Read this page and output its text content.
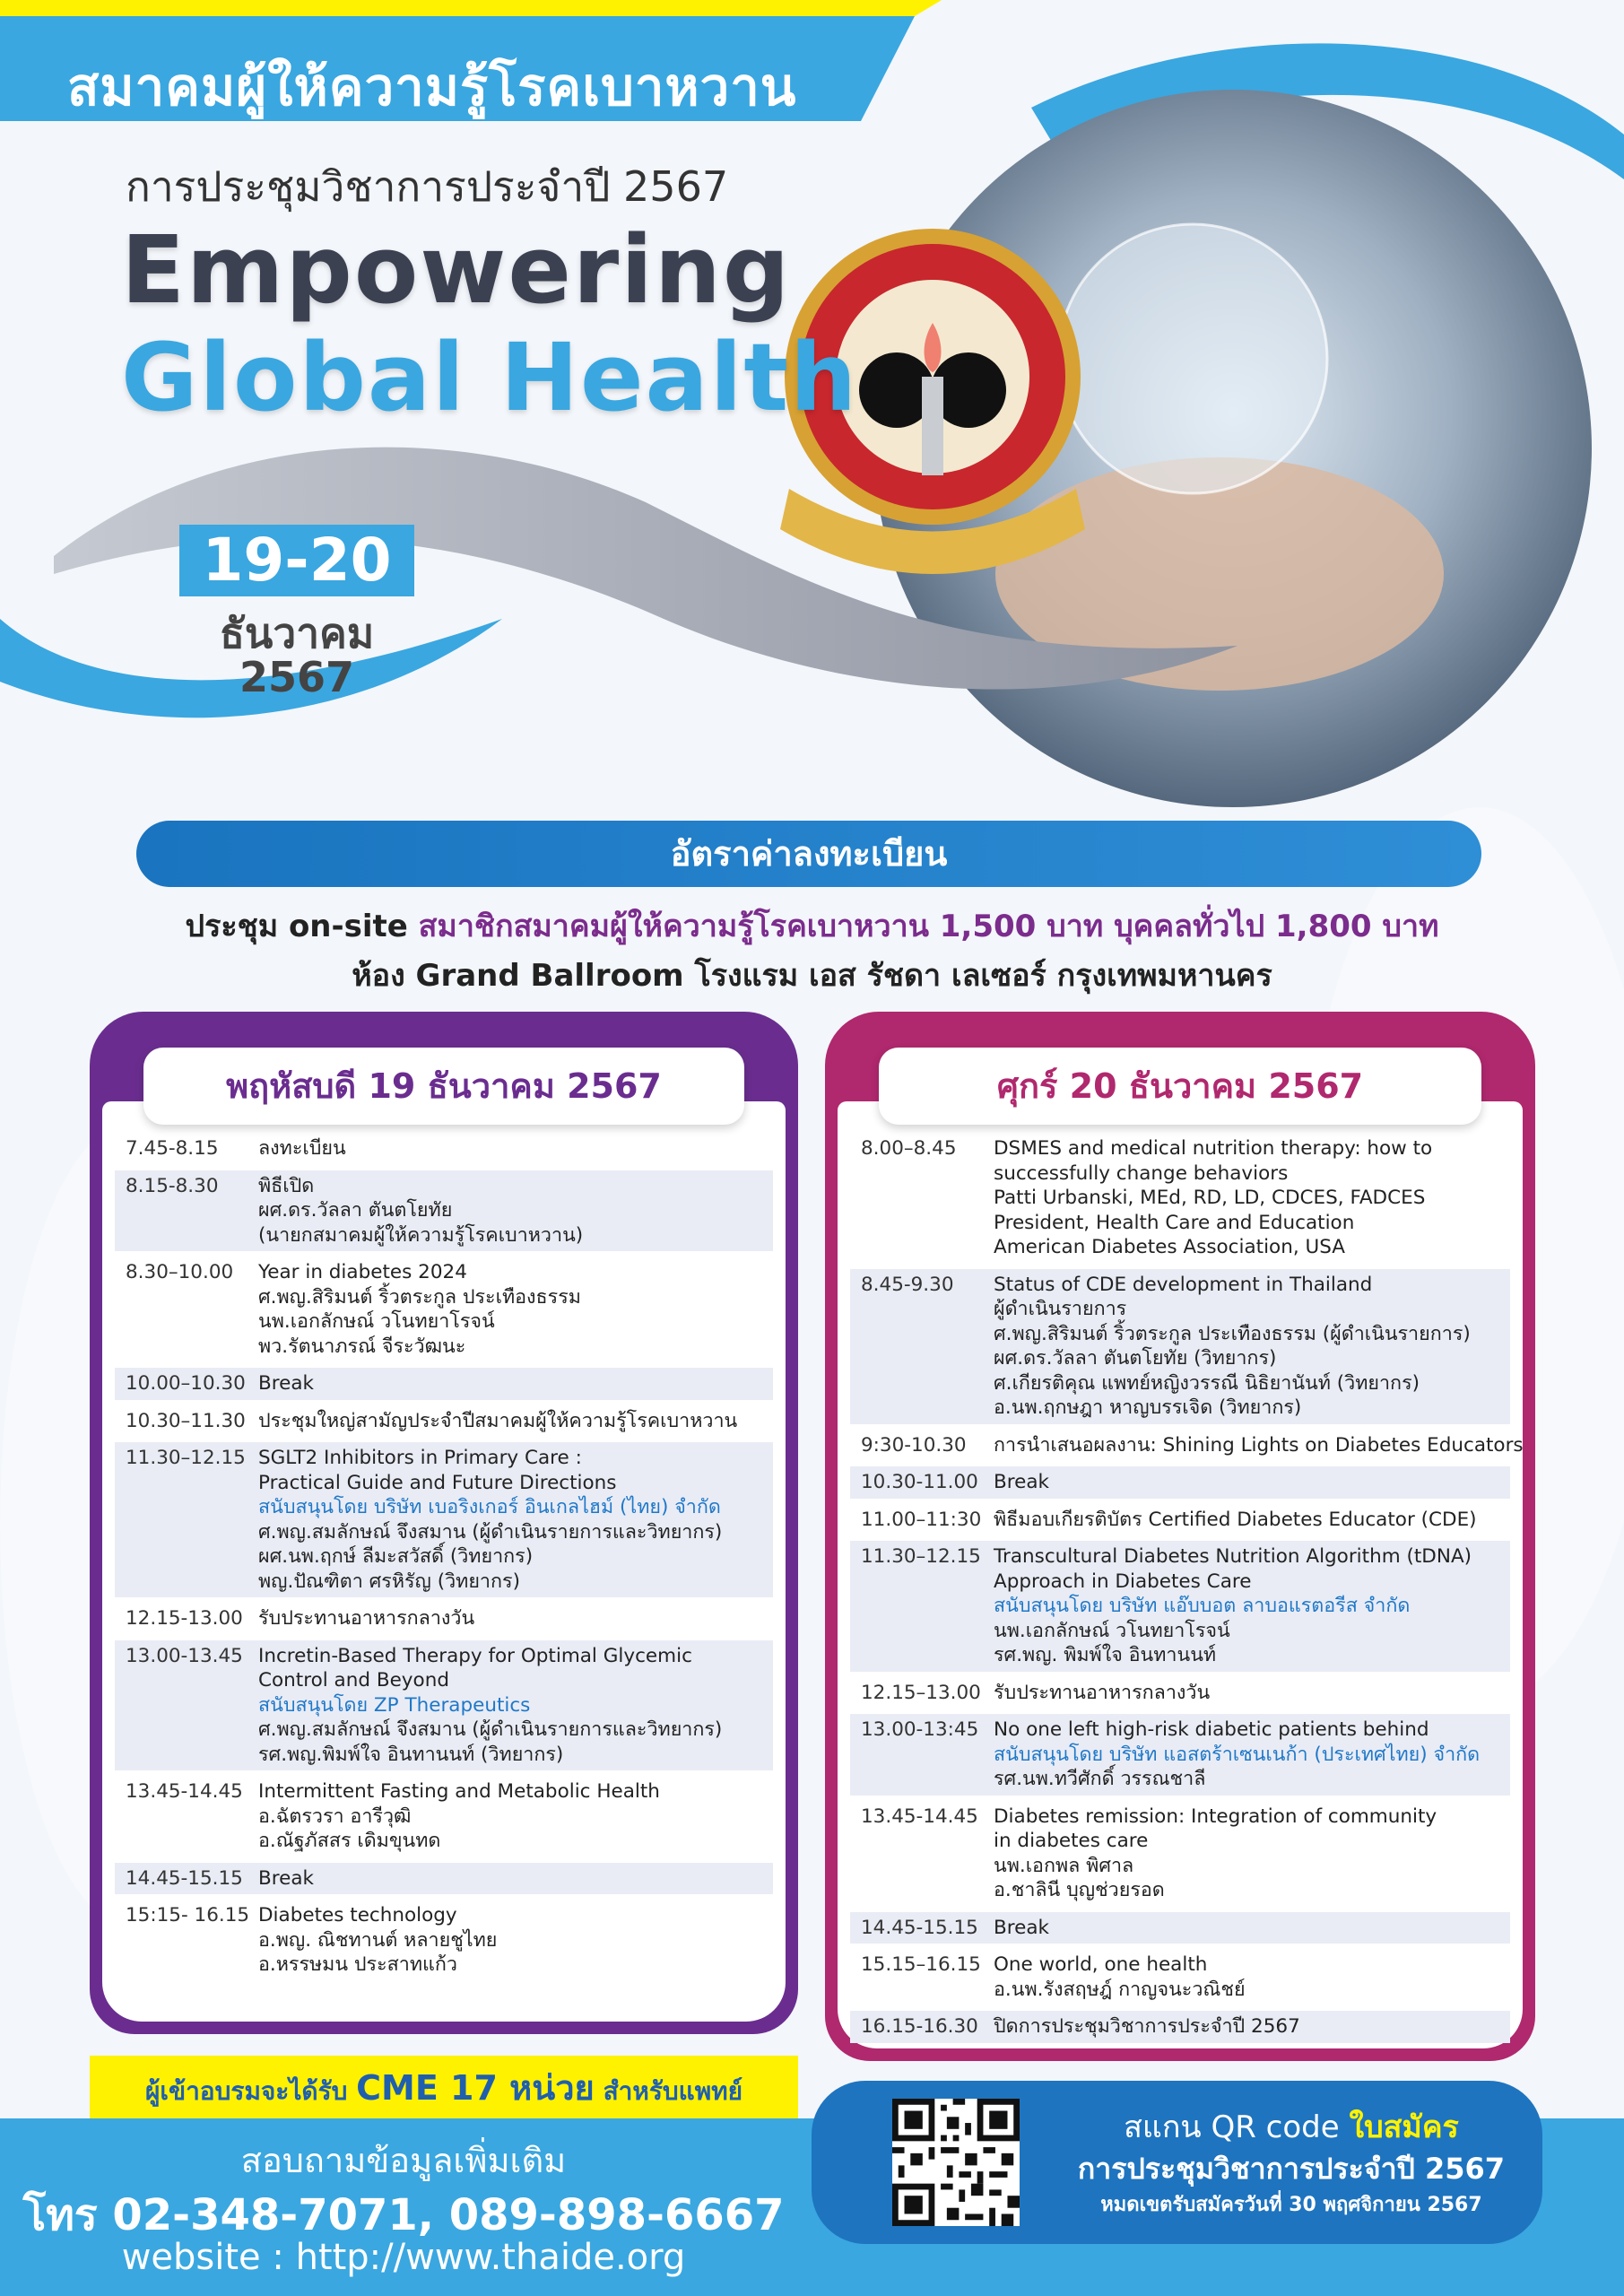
สมาคมผู้ให้ความรู้โรคเบาหวาน
การประชุมวิชาการประจำปี 2567
Empowering
Global Health
19-20
ธันวาคม
2567
อัตราค่าลงทะเบียน
ประชุม on-site สมาชิกสมาคมผู้ให้ความรู้โรคเบาหวาน 1,500 บาท บุคคลทั่วไป 1,800 บาท
ห้อง Grand Ballroom โรงแรม เอส รัชดา เลเซอร์ กรุงเทพมหานคร
พฤหัสบดี 19 ธันวาคม 2567
7.45-8.15	ลงทะเบียน
8.15-8.30	พิธีเปิด
ผศ.ดร.วัลลา ตันตโยทัย
(นายกสมาคมผู้ให้ความรู้โรคเบาหวาน)
8.30–10.00	Year in diabetes 2024
ศ.พญ.สิริมนต์ ริ้วตระกูล ประเทืองธรรม
นพ.เอกลักษณ์ วโนทยาโรจน์
พว.รัตนาภรณ์ จีระวัฒนะ
10.00–10.30 Break
10.30–11.30 ประชุมใหญ่สามัญประจำปีสมาคมผู้ให้ความรู้โรคเบาหวาน
11.30–12.15 SGLT2 Inhibitors in Primary Care :
Practical Guide and Future Directions
สนับสนุนโดย บริษัท เบอริงเกอร์ อินเกลไฮม์ (ไทย) จำกัด
ศ.พญ.สมลักษณ์ จึงสมาน (ผู้ดำเนินรายการและวิทยากร)
ผศ.นพ.ฤกษ์ ลีมะสวัสดิ์ (วิทยากร)
พญ.ปัณฑิตา ศรหิรัญ (วิทยากร)
12.15-13.00 รับประทานอาหารกลางวัน
13.00-13.45 Incretin-Based Therapy for Optimal Glycemic
Control and Beyond
สนับสนุนโดย ZP Therapeutics
ศ.พญ.สมลักษณ์ จึงสมาน (ผู้ดำเนินรายการและวิทยากร)
รศ.พญ.พิมพ์ใจ อินทานนท์ (วิทยากร)
13.45-14.45 Intermittent Fasting and Metabolic Health
อ.ฉัตรวรา อารีวุฒิ
อ.ณัฐภัสสร เดิมขุนทด
14.45-15.15 Break
15:15- 16.15 Diabetes technology
อ.พญ. ณิชทานต์ หลายชูไทย
อ.หรรษมน ประสาทแก้ว
ศุกร์ 20 ธันวาคม 2567
8.00–8.45	DSMES and medical nutrition therapy: how to
successfully change behaviors
Patti Urbanski, MEd, RD, LD, CDCES, FADCES
President, Health Care and Education
American Diabetes Association, USA
8.45-9.30	Status of CDE development in Thailand
ผู้ดำเนินรายการ
ศ.พญ.สิริมนต์ ริ้วตระกูล ประเทืองธรรม (ผู้ดำเนินรายการ)
ผศ.ดร.วัลลา ตันตโยทัย (วิทยากร)
ศ.เกียรติคุณ แพทย์หญิงวรรณี นิธิยานันท์ (วิทยากร)
อ.นพ.ฤกษฎา หาญบรรเจิด (วิทยากร)
9:30-10.30	การนำเสนอผลงาน: Shining Lights on Diabetes Educators
10.30-11.00 Break
11.00–11:30 พิธีมอบเกียรติบัตร Certified Diabetes Educator (CDE)
11.30–12.15 Transcultural Diabetes Nutrition Algorithm (tDNA)
Approach in Diabetes Care
สนับสนุนโดย บริษัท แอ๊บบอต ลาบอแรตอรีส จำกัด
นพ.เอกลักษณ์ วโนทยาโรจน์
รศ.พญ. พิมพ์ใจ อินทานนท์
12.15–13.00 รับประทานอาหารกลางวัน
13.00-13:45 No one left high-risk diabetic patients behind
สนับสนุนโดย บริษัท แอสตร้าเซนเนก้า (ประเทศไทย) จำกัด
รศ.นพ.ทวีศักดิ์ วรรณชาลี
13.45-14.45 Diabetes remission: Integration of community
in diabetes care
นพ.เอกพล พิศาล
อ.ชาลินี บุญช่วยรอด
14.45-15.15 Break
15.15–16.15 One world, one health
อ.นพ.รังสฤษฎ์ กาญจนะวณิชย์
16.15-16.30 ปิดการประชุมวิชาการประจำปี 2567
ผู้เข้าอบรมจะได้รับ CME 17 หน่วย สำหรับแพทย์
สอบถามข้อมูลเพิ่มเติม
โทร 02-348-7071, 089-898-6667
website : http://www.thaide.org
สแกน QR code ใบสมัคร
การประชุมวิชาการประจำปี 2567
หมดเขตรับสมัครวันที่ 30 พฤศจิกายน 2567
